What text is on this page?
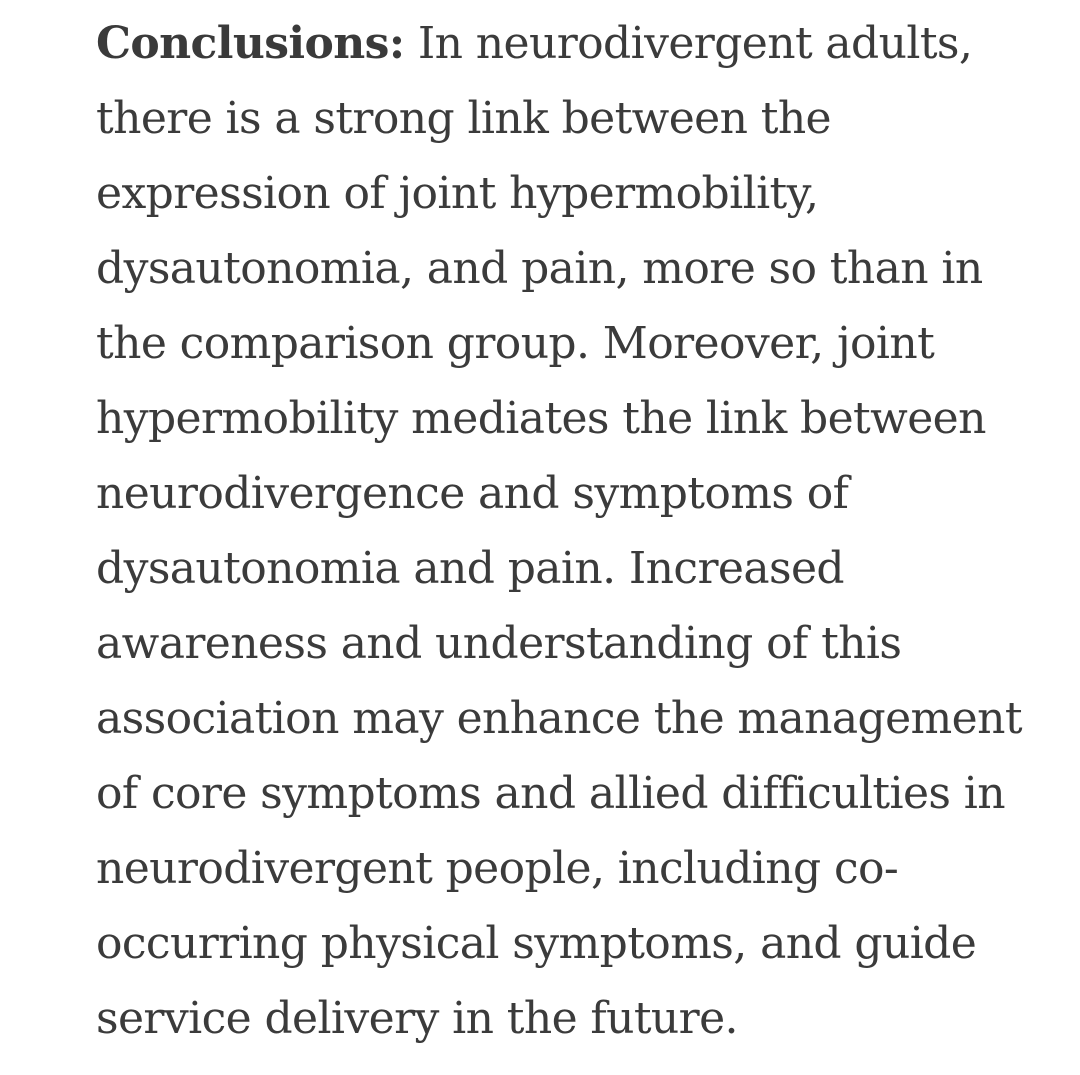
Conclusions: In neurodivergent adults,

there is a strong link between the

expression of joint hypermobility,

dysautonomia, and pain, more so than in

the comparison group. Moreover, joint

hypermobility mediates the link between

neurodivergence and symptoms of

dysautonomia and pain. Increased

awareness and understanding of this

association may enhance the management

of core symptoms and allied difficulties in

neurodivergent people, including co-

occurring physical symptoms, and guide

service delivery in the future.
